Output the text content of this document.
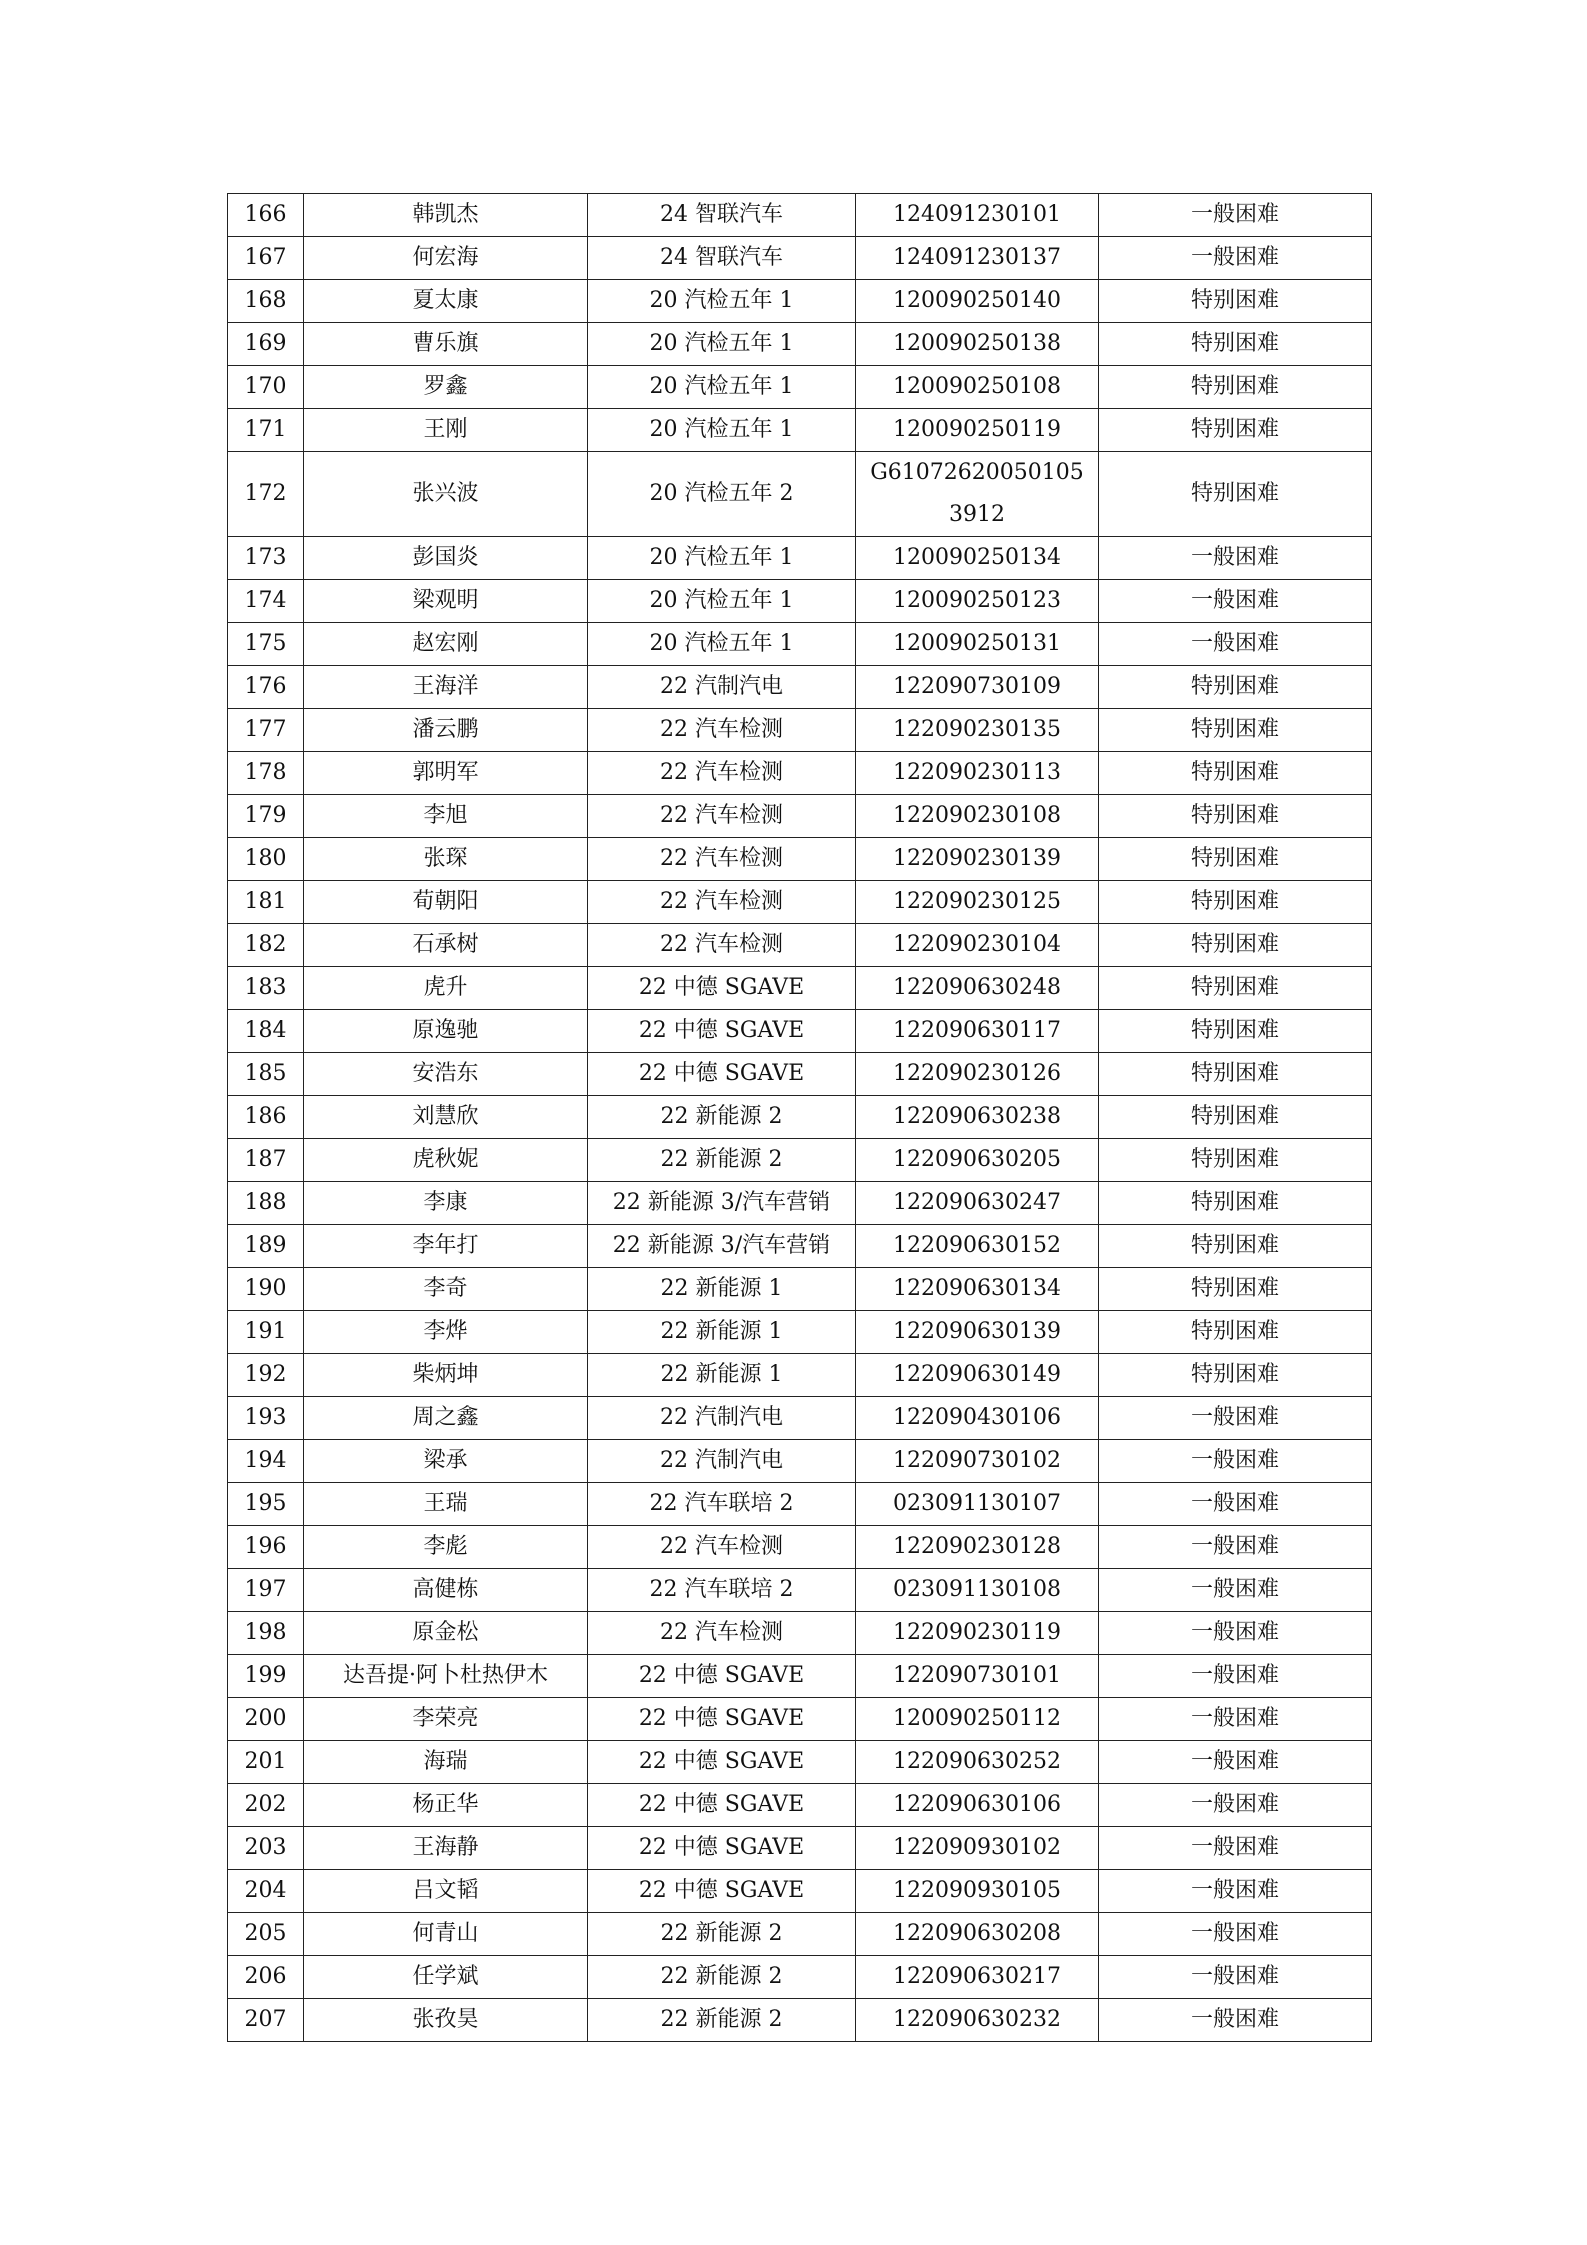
166	韩凯杰	24 智联汽车	124091230101	一般困难
167	何宏海	24 智联汽车	124091230137	一般困难
168	夏太康	20 汽检五年 1	120090250140	特别困难
169	曹乐旗	20 汽检五年 1	120090250138	特别困难
170	罗鑫	20 汽检五年 1	120090250108	特别困难
171	王刚	20 汽检五年 1	120090250119	特别困难
172	张兴波	20 汽检五年 2	G610726200501053912	特别困难
173	彭国炎	20 汽检五年 1	120090250134	一般困难
174	梁观明	20 汽检五年 1	120090250123	一般困难
175	赵宏刚	20 汽检五年 1	120090250131	一般困难
176	王海洋	22 汽制汽电	122090730109	特别困难
177	潘云鹏	22 汽车检测	122090230135	特别困难
178	郭明军	22 汽车检测	122090230113	特别困难
179	李旭	22 汽车检测	122090230108	特别困难
180	张琛	22 汽车检测	122090230139	特别困难
181	荀朝阳	22 汽车检测	122090230125	特别困难
182	石承树	22 汽车检测	122090230104	特别困难
183	虎升	22 中德 SGAVE	122090630248	特别困难
184	原逸驰	22 中德 SGAVE	122090630117	特别困难
185	安浩东	22 中德 SGAVE	122090230126	特别困难
186	刘慧欣	22 新能源 2	122090630238	特别困难
187	虎秋妮	22 新能源 2	122090630205	特别困难
188	李康	22 新能源 3/汽车营销	122090630247	特别困难
189	李年打	22 新能源 3/汽车营销	122090630152	特别困难
190	李奇	22 新能源 1	122090630134	特别困难
191	李烨	22 新能源 1	122090630139	特别困难
192	柴炳坤	22 新能源 1	122090630149	特别困难
193	周之鑫	22 汽制汽电	122090430106	一般困难
194	梁承	22 汽制汽电	122090730102	一般困难
195	王瑞	22 汽车联培 2	023091130107	一般困难
196	李彪	22 汽车检测	122090230128	一般困难
197	高健栋	22 汽车联培 2	023091130108	一般困难
198	原金松	22 汽车检测	122090230119	一般困难
199	达吾提·阿卜杜热伊木	22 中德 SGAVE	122090730101	一般困难
200	李荣亮	22 中德 SGAVE	120090250112	一般困难
201	海瑞	22 中德 SGAVE	122090630252	一般困难
202	杨正华	22 中德 SGAVE	122090630106	一般困难
203	王海静	22 中德 SGAVE	122090930102	一般困难
204	吕文韬	22 中德 SGAVE	122090930105	一般困难
205	何青山	22 新能源 2	122090630208	一般困难
206	任学斌	22 新能源 2	122090630217	一般困难
207	张孜昊	22 新能源 2	122090630232	一般困难
